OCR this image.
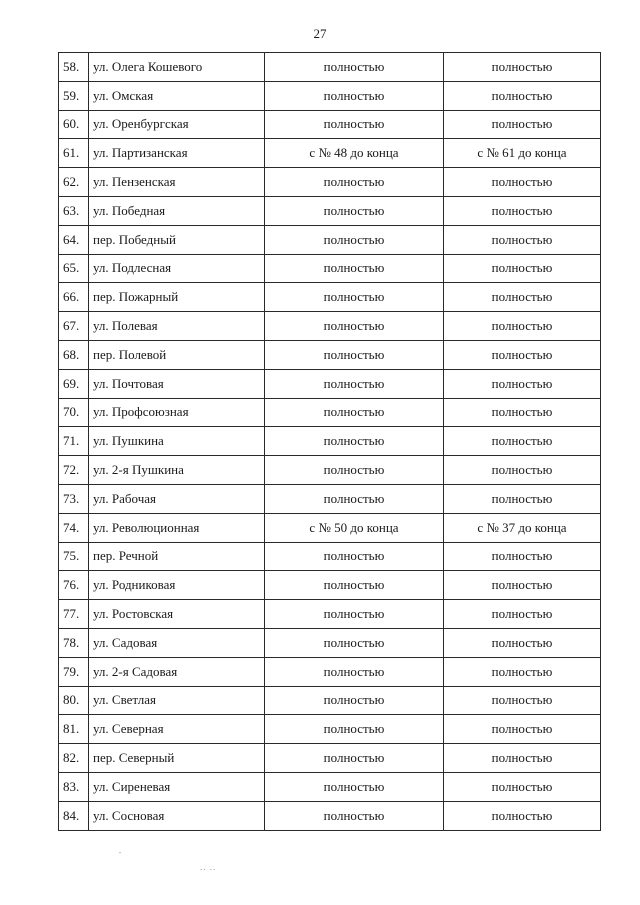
27
58.	ул. Олега Кошевого	полностью	полностью
59.	ул. Омская	полностью	полностью
60.	ул. Оренбургская	полностью	полностью
61.	ул. Партизанская	с № 48 до конца	с № 61 до конца
62.	ул. Пензенская	полностью	полностью
63.	ул. Победная	полностью	полностью
64.	пер. Победный	полностью	полностью
65.	ул. Подлесная	полностью	полностью
66.	пер. Пожарный	полностью	полностью
67.	ул. Полевая	полностью	полностью
68.	пер. Полевой	полностью	полностью
69.	ул. Почтовая	полностью	полностью
70.	ул. Профсоюзная	полностью	полностью
71.	ул. Пушкина	полностью	полностью
72.	ул. 2-я Пушкина	полностью	полностью
73.	ул. Рабочая	полностью	полностью
74.	ул. Революционная	с № 50 до конца	с № 37 до конца
75.	пер. Речной	полностью	полностью
76.	ул. Родниковая	полностью	полностью
77.	ул. Ростовская	полностью	полностью
78.	ул. Садовая	полностью	полностью
79.	ул. 2-я Садовая	полностью	полностью
80.	ул. Светлая	полностью	полностью
81.	ул. Северная	полностью	полностью
82.	пер. Северный	полностью	полностью
83.	ул. Сиреневая	полностью	полностью
84.	ул. Сосновая	полностью	полностью
.. ..
